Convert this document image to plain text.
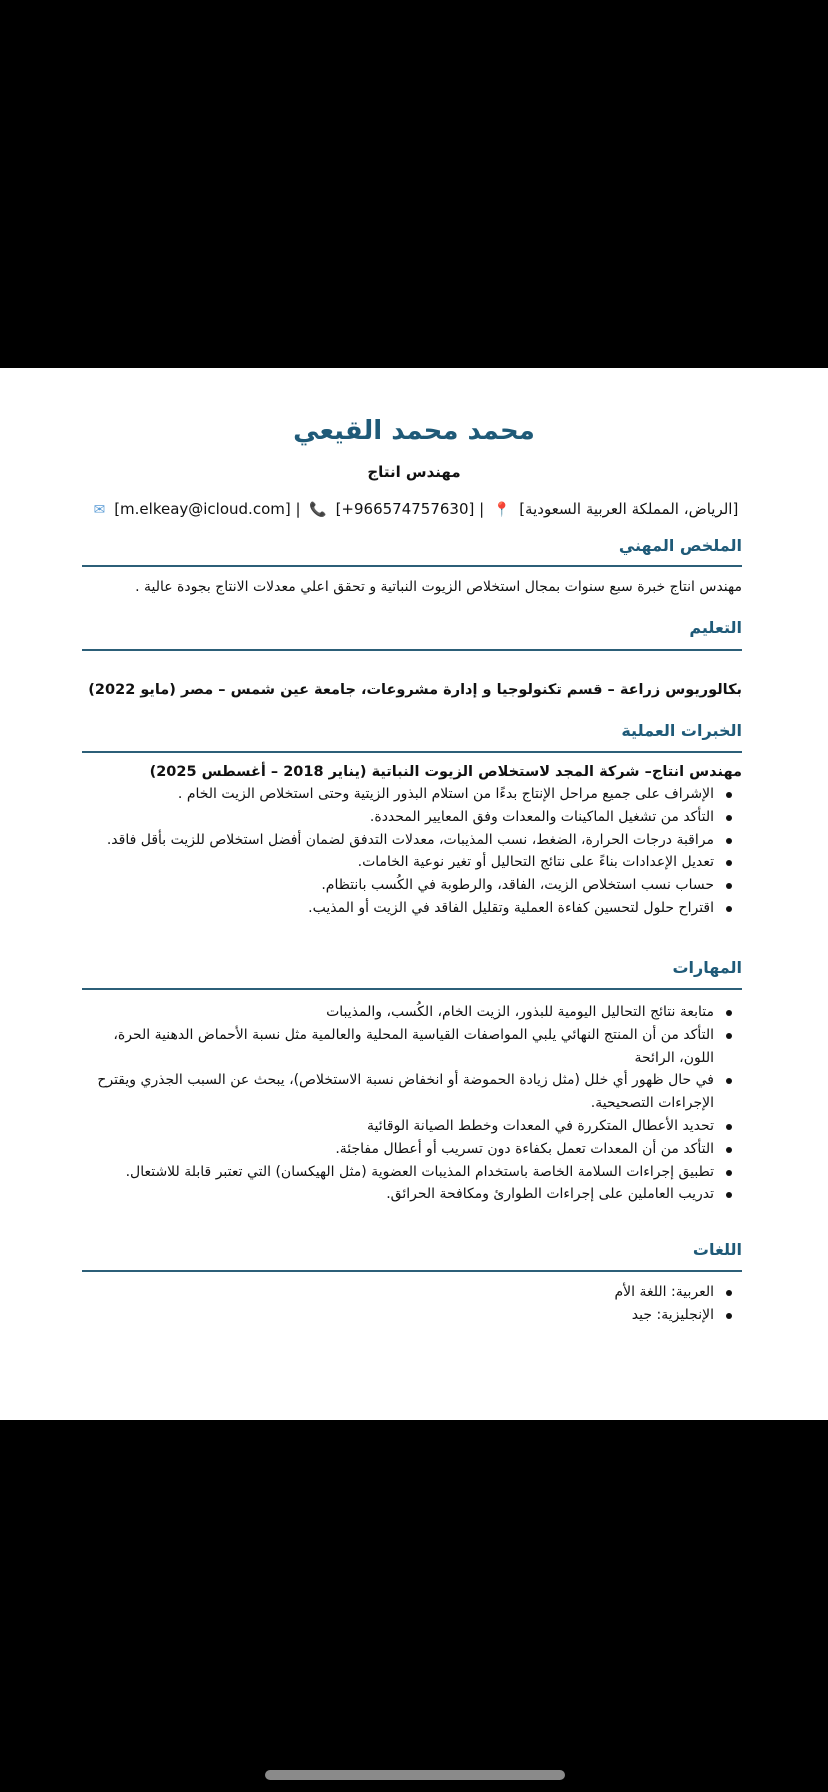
محمد محمد القيعي
مهندس انتاج
[الرياض، المملكة العربية السعودية] 📍 | [+966574757630] 📞 | [m.elkeay@icloud.com] ✉
الملخص المهني
مهندس انتاج خبرة سبع سنوات بمجال استخلاص الزيوت النباتية و تحقق اعلي معدلات الانتاج بجودة عالية .
التعليم
بكالوريوس زراعة – قسم تكنولوجيا و إدارة مشروعات، جامعة عين شمس – مصر (مايو 2022)
الخبرات العملية
مهندس انتاج– شركة المجد لاستخلاص الزيوت النباتية (يناير 2018 – أغسطس 2025)
الإشراف على جميع مراحل الإنتاج بدءًا من استلام البذور الزيتية وحتى استخلاص الزيت الخام .
التأكد من تشغيل الماكينات والمعدات وفق المعايير المحددة.
مراقبة درجات الحرارة، الضغط، نسب المذيبات، معدلات التدفق لضمان أفضل استخلاص للزيت بأقل فاقد.
تعديل الإعدادات بناءً على نتائج التحاليل أو تغير نوعية الخامات.
حساب نسب استخلاص الزيت، الفاقد، والرطوبة في الكُسب بانتظام.
اقتراح حلول لتحسين كفاءة العملية وتقليل الفاقد في الزيت أو المذيب.
المهارات
متابعة نتائج التحاليل اليومية للبذور، الزيت الخام، الكُسب، والمذيبات
التأكد من أن المنتج النهائي يلبي المواصفات القياسية المحلية والعالمية مثل نسبة الأحماض الدهنية الحرة، اللون، الرائحة
في حال ظهور أي خلل (مثل زيادة الحموضة أو انخفاض نسبة الاستخلاص)، يبحث عن السبب الجذري ويقترح الإجراءات التصحيحية.
تحديد الأعطال المتكررة في المعدات وخطط الصيانة الوقائية
التأكد من أن المعدات تعمل بكفاءة دون تسريب أو أعطال مفاجئة.
تطبيق إجراءات السلامة الخاصة باستخدام المذيبات العضوية (مثل الهيكسان) التي تعتبر قابلة للاشتعال.
تدريب العاملين على إجراءات الطوارئ ومكافحة الحرائق.
اللغات
العربية: اللغة الأم
الإنجليزية: جيد
